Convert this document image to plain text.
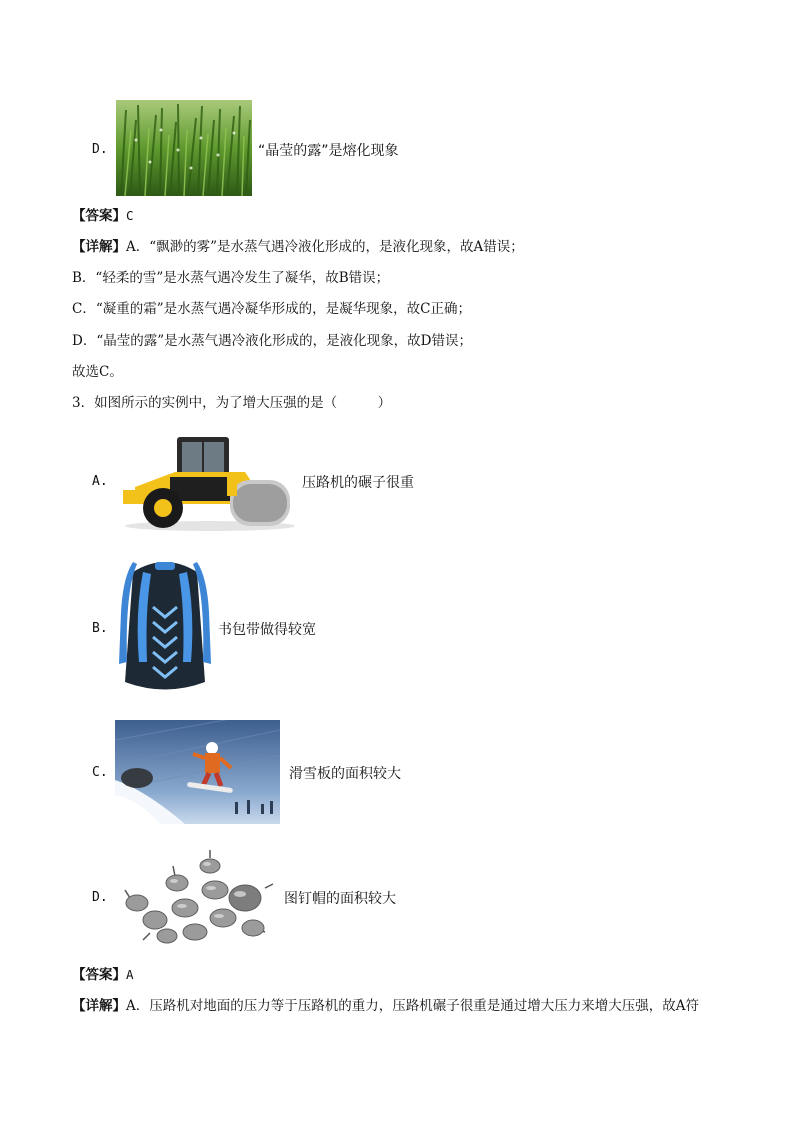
D.	“晶莹的露”是熔化现象
【答案】C
【详解】A．“飘渺的雾”是水蒸气遇冷液化形成的，是液化现象，故A错误；
B．“轻柔的雪”是水蒸气遇冷发生了凝华，故B错误；
C．“凝重的霜”是水蒸气遇冷凝华形成的，是凝华现象，故C正确；
D．“晶莹的露”是水蒸气遇冷液化形成的，是液化现象，故D错误；
故选C。
3．如图所示的实例中，为了增大压强的是（　　　）
A.	压路机的碾子很重
B.	书包带做得较宽
C.	滑雪板的面积较大
D.	图钉帽的面积较大
【答案】A
【详解】A．压路机对地面的压力等于压路机的重力，压路机碾子很重是通过增大压力来增大压强，故A符
